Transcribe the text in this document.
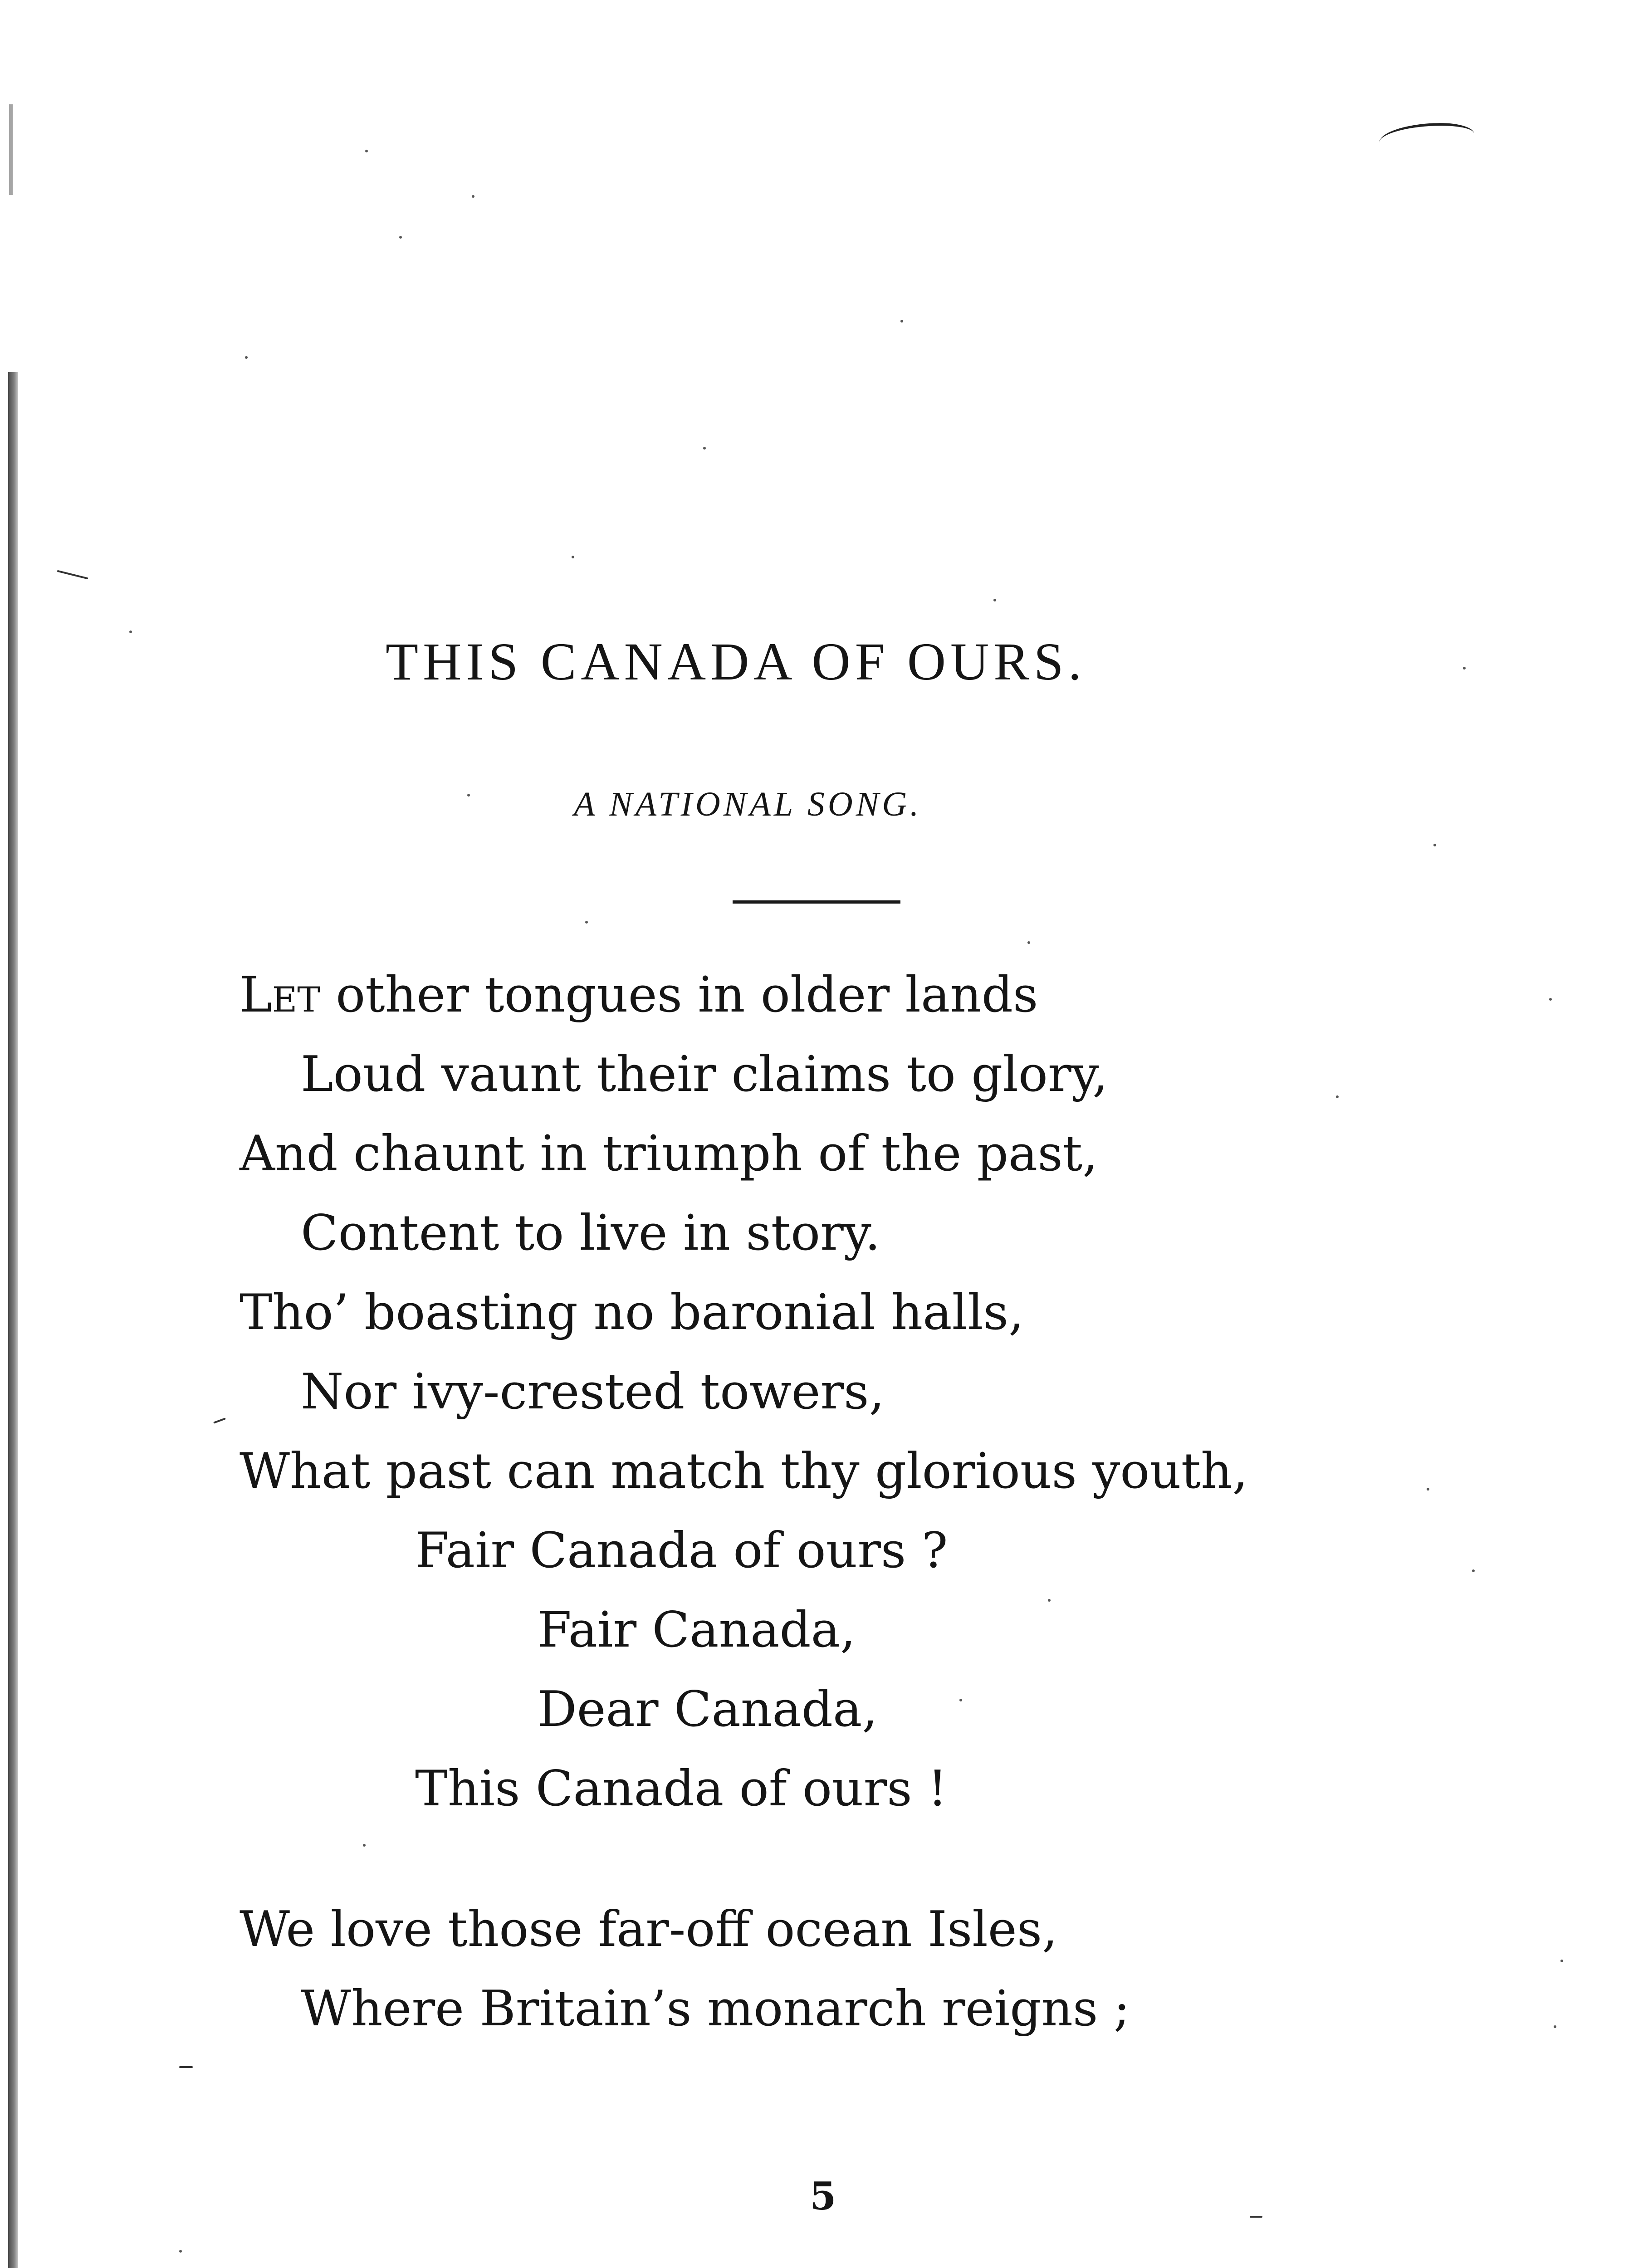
THIS CANADA OF OURS.
A NATIONAL SONG.
Let other tongues in older lands
Loud vaunt their claims to glory,
And chaunt in triumph of the past,
Content to live in story.
Tho’ boasting no baronial halls,
Nor ivy-crested towers,
What past can match thy glorious youth,
Fair Canada of ours ?
Fair Canada,
Dear Canada,
This Canada of ours !
We love those far-off ocean Isles,
Where Britain’s monarch reigns ;
5
